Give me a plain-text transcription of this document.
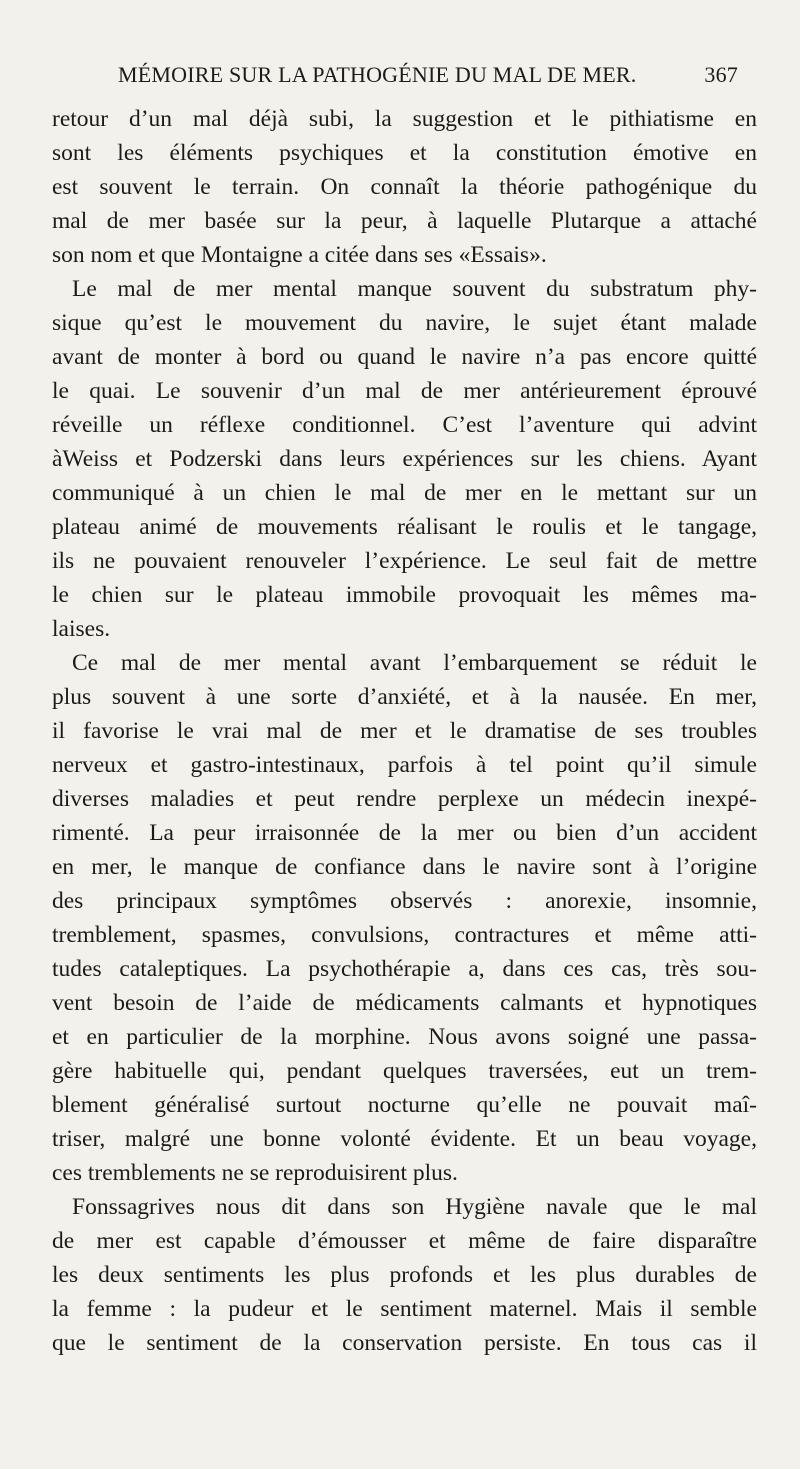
MÉMOIRE SUR LA PATHOGÉNIE DU MAL DE MER.	367
retour d’un mal déjà subi, la suggestion et le pithiatisme en
sont les éléments psychiques et la constitution émotive en
est souvent le terrain. On connaît la théorie pathogénique du
mal de mer basée sur la peur, à laquelle Plutarque a attaché
son nom et que Montaigne a citée dans ses «Essais».
Le mal de mer mental manque souvent du substratum phy-
sique qu’est le mouvement du navire, le sujet étant malade
avant de monter à bord ou quand le navire n’a pas encore quitté
le quai. Le souvenir d’un mal de mer antérieurement éprouvé
réveille un réflexe conditionnel. C’est l’aventure qui advint
àWeiss et Podzerski dans leurs expériences sur les chiens. Ayant
communiqué à un chien le mal de mer en le mettant sur un
plateau animé de mouvements réalisant le roulis et le tangage,
ils ne pouvaient renouveler l’expérience. Le seul fait de mettre
le chien sur le plateau immobile provoquait les mêmes ma-
laises.
Ce mal de mer mental avant l’embarquement se réduit le
plus souvent à une sorte d’anxiété, et à la nausée. En mer,
il favorise le vrai mal de mer et le dramatise de ses troubles
nerveux et gastro-intestinaux, parfois à tel point qu’il simule
diverses maladies et peut rendre perplexe un médecin inexpé-
rimenté. La peur irraisonnée de la mer ou bien d’un accident
en mer, le manque de confiance dans le navire sont à l’origine
des principaux symptômes observés : anorexie, insomnie,
tremblement, spasmes, convulsions, contractures et même atti-
tudes cataleptiques. La psychothérapie a, dans ces cas, très sou-
vent besoin de l’aide de médicaments calmants et hypnotiques
et en particulier de la morphine. Nous avons soigné une passa-
gère habituelle qui, pendant quelques traversées, eut un trem-
blement généralisé surtout nocturne qu’elle ne pouvait maî-
triser, malgré une bonne volonté évidente. Et un beau voyage,
ces tremblements ne se reproduisirent plus.
Fonssagrives nous dit dans son Hygiène navale que le mal
de mer est capable d’émousser et même de faire disparaître
les deux sentiments les plus profonds et les plus durables de
la femme : la pudeur et le sentiment maternel. Mais il semble
que le sentiment de la conservation persiste. En tous cas il
